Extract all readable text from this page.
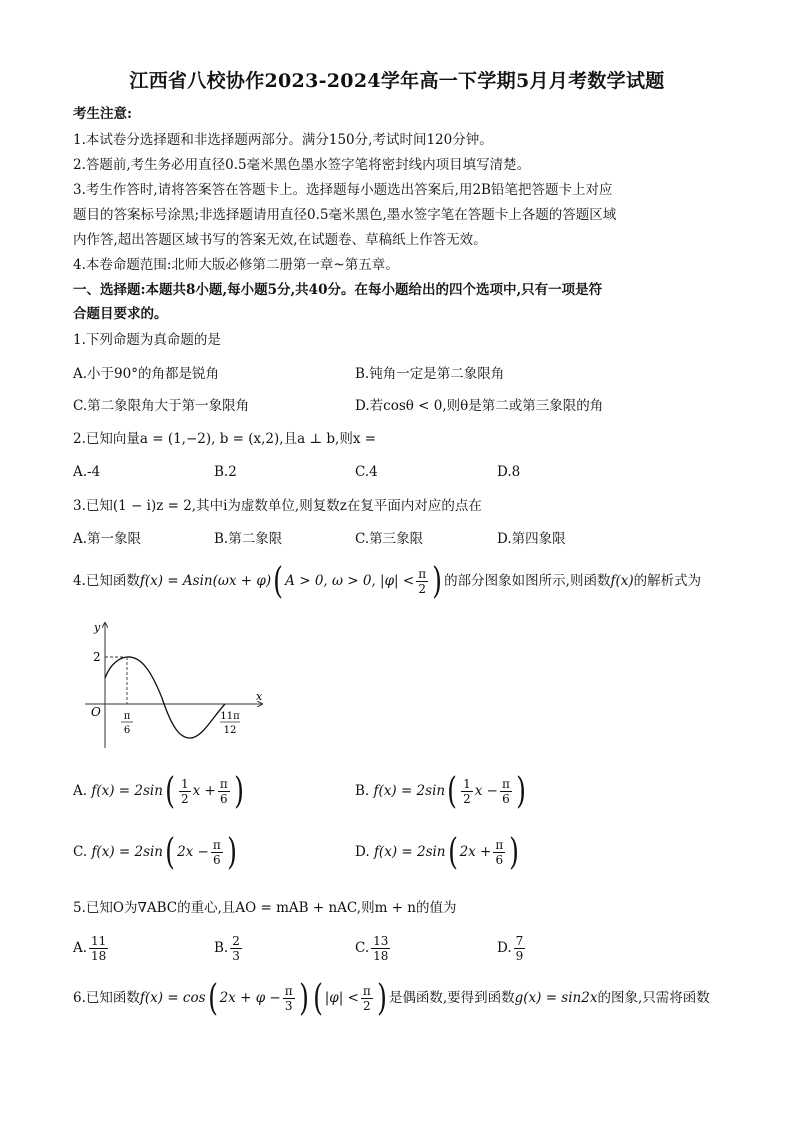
江西省八校协作2023-2024学年高一下学期5月月考数学试题
考生注意:
1.本试卷分选择题和非选择题两部分。满分150分,考试时间120分钟。
2.答题前,考生务必用直径0.5毫米黑色墨水签字笔将密封线内项目填写清楚。
3.考生作答时,请将答案答在答题卡上。选择题每小题选出答案后,用2B铅笔把答题卡上对应
题目的答案标号涂黑;非选择题请用直径0.5毫米黑色,墨水签字笔在答题卡上各题的答题区域
内作答,超出答题区域书写的答案无效,在试题卷、草稿纸上作答无效。
4.本卷命题范围:北师大版必修第二册第一章~第五章。
一、选择题:本题共8小题,每小题5分,共40分。在每小题给出的四个选项中,只有一项是符
合题目要求的。
1.下列命题为真命题的是
A.小于90°的角都是锐角	B.钝角一定是第二象限角
C.第二象限角大于第一象限角	D.若cosθ < 0,则θ是第二或第三象限的角
2.已知向量a = (1,−2), b = (x,2),且a ⊥ b,则x =
A.-4	B.2	C.4	D.8
3.已知(1 − i)z = 2,其中i为虚数单位,则复数z在复平面内对应的点在
A.第一象限	B.第二象限	C.第三象限	D.第四象限
4.已知函数f(x) = Asin(ωx + φ)( A > 0, ω > 0, $|\varphi| < \frac{\pi}{2}$ ) 的部分图象如图所示,则函数f(x)的解析式为
y
x
O
2
π
6
11π
12
A. $f(x) = 2\sin( \frac{1}{2}$ $x + \frac{\pi}{6}$ )	B. $f(x) = 2\sin( \frac{1}{2}$ $x - \frac{\pi}{6}$ )
C. f(x) = 2sin( $2x - \frac{\pi}{6}$ )	D. f(x) = 2sin( $2x + \frac{\pi}{6}$ )
5.已知O为∇ABC的重心,且AO = mAB + nAC,则m + n的值为
A. $\frac{11}{18}$	B. $\frac{2}{3}$	C. $\frac{13}{18}$	D. $\frac{7}{9}$
6.已知函数f(x) = cos( $2x + \varphi - \frac{\pi}{3}$ ) ( $|\varphi| < \frac{\pi}{2}$ ) 是偶函数,要得到函数g(x) = sin2x的图象,只需将函数
